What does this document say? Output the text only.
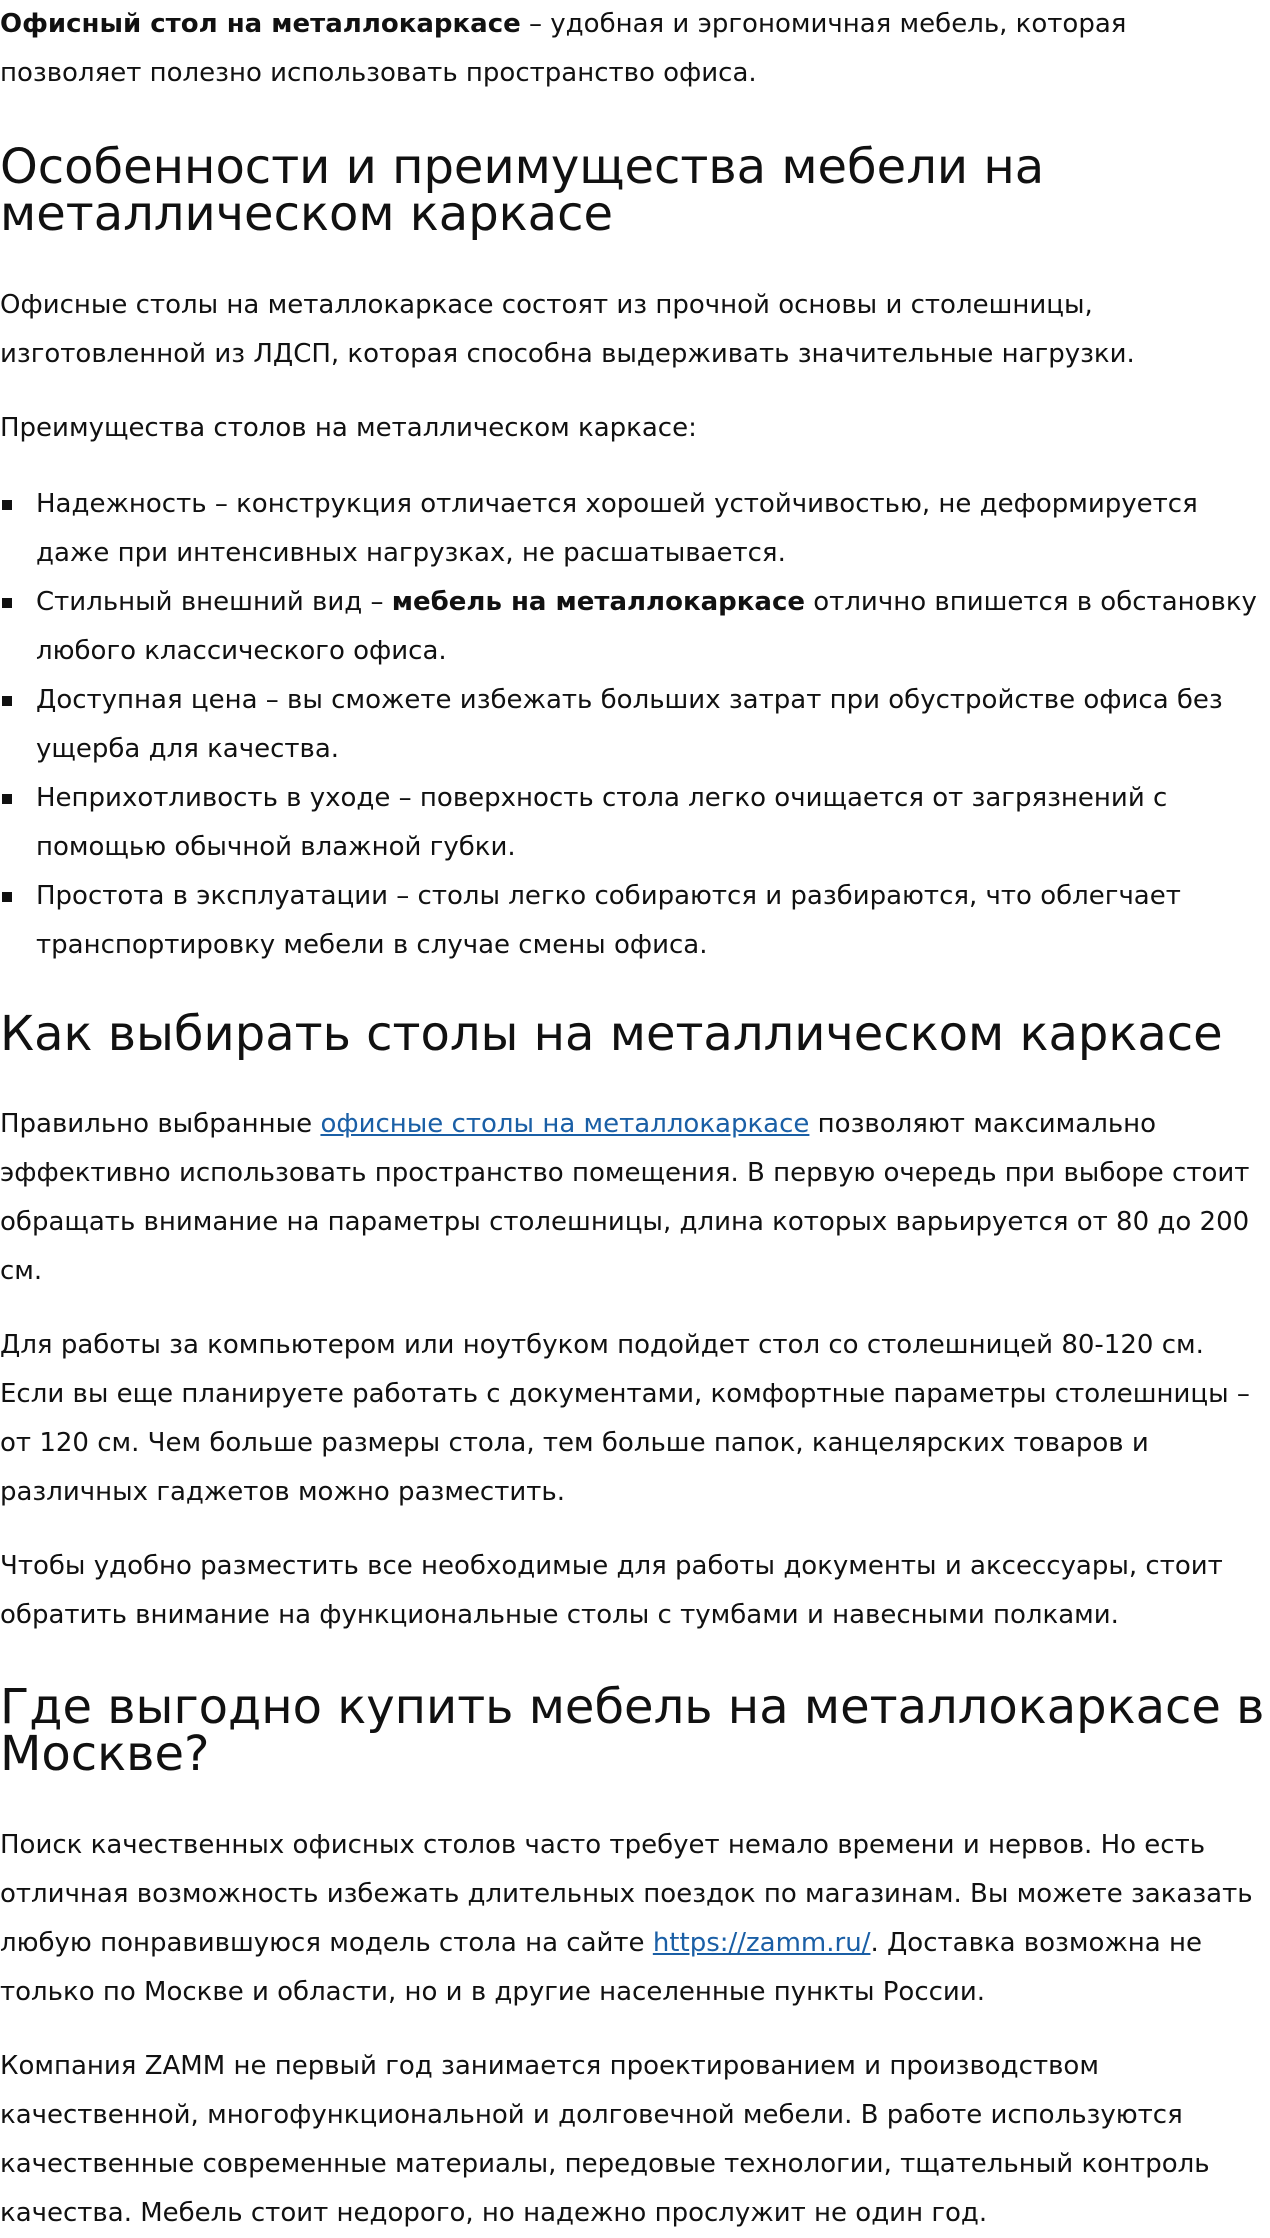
Офисный стол на металлокаркасе – удобная и эргономичная мебель, которая позволяет полезно использовать пространство офиса.

Особенности и преимущества мебели на металлическом каркасе

Офисные столы на металлокаркасе состоят из прочной основы и столешницы, изготовленной из ЛДСП, которая способна выдерживать значительные нагрузки.

Преимущества столов на металлическом каркасе:

Надежность – конструкция отличается хорошей устойчивостью, не деформируется даже при интенсивных нагрузках, не расшатывается.
Стильный внешний вид – мебель на металлокаркасе отлично впишется в обстановку любого классического офиса.
Доступная цена – вы сможете избежать больших затрат при обустройстве офиса без ущерба для качества.
Неприхотливость в уходе – поверхность стола легко очищается от загрязнений с помощью обычной влажной губки.
Простота в эксплуатации – столы легко собираются и разбираются, что облегчает транспортировку мебели в случае смены офиса.
Как выбирать столы на металлическом каркасе

Правильно выбранные офисные столы на металлокаркасе позволяют максимально эффективно использовать пространство помещения. В первую очередь при выборе стоит обращать внимание на параметры столешницы, длина которых варьируется от 80 до 200 см.

Для работы за компьютером или ноутбуком подойдет стол со столешницей 80-120 см. Если вы еще планируете работать с документами, комфортные параметры столешницы – от 120 см. Чем больше размеры стола, тем больше папок, канцелярских товаров и различных гаджетов можно разместить.

Чтобы удобно разместить все необходимые для работы документы и аксессуары, стоит обратить внимание на функциональные столы с тумбами и навесными полками.

Где выгодно купить мебель на металлокаркасе в Москве?

Поиск качественных офисных столов часто требует немало времени и нервов. Но есть отличная возможность избежать длительных поездок по магазинам. Вы можете заказать любую понравившуюся модель стола на сайте https://zamm.ru/. Доставка возможна не только по Москве и области, но и в другие населенные пункты России.

Компания ZAMM не первый год занимается проектированием и производством качественной, многофункциональной и долговечной мебели. В работе используются качественные современные материалы, передовые технологии, тщательный контроль качества. Мебель стоит недорого, но надежно прослужит не один год.
